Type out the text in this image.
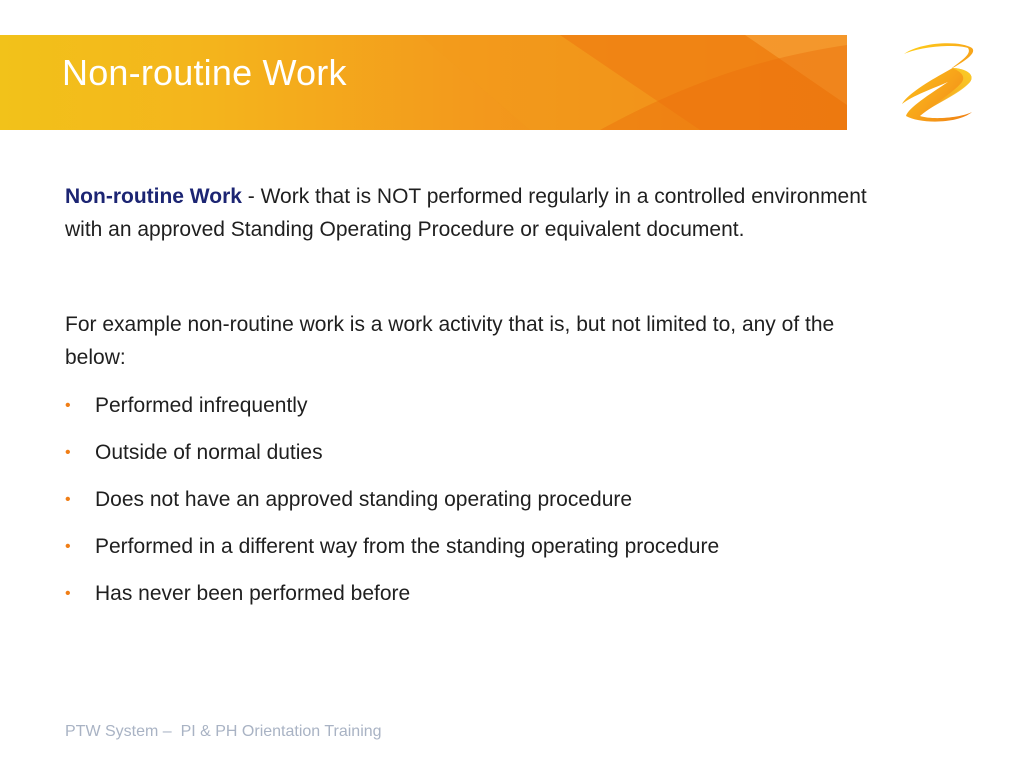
Non-routine Work

Non-routine Work - Work that is NOT performed regularly in a controlled environment with an approved Standing Operating Procedure or equivalent document.

For example non-routine work is a work activity that is, but not limited to, any of the below:

• Performed infrequently
• Outside of normal duties
• Does not have an approved standing operating procedure
• Performed in a different way from the standing operating procedure
• Has never been performed before
PTW System –  PI & PH Orientation Training
